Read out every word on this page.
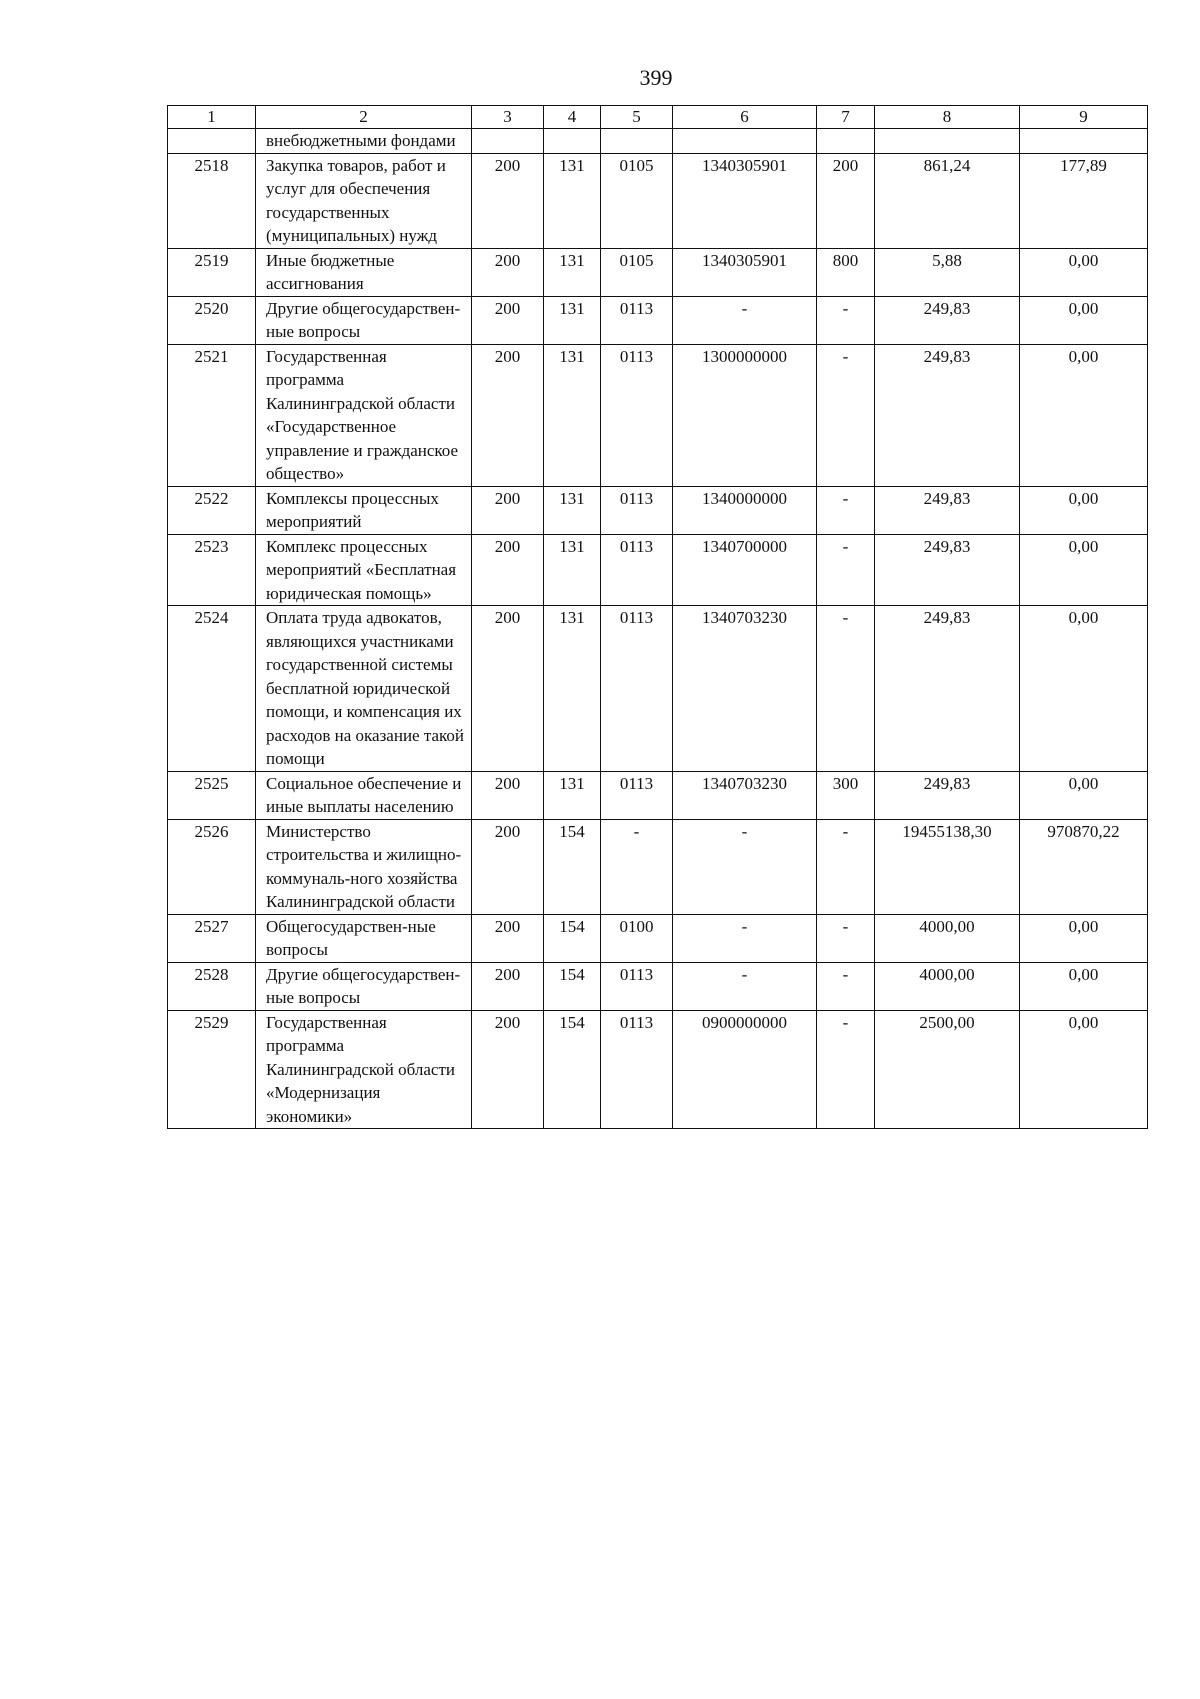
399
1	2	3	4	5	6	7	8	9
	внебюджетными фондами							
2518	Закупка товаров, работ и услуг для обеспечения государственных (муниципальных) нужд	200	131	0105	1340305901	200	861,24	177,89
2519	Иные бюджетные ассигнования	200	131	0105	1340305901	800	5,88	0,00
2520	Другие общегосударствен-ные вопросы	200	131	0113	-	-	249,83	0,00
2521	Государственная программа Калининградской области «Государственное управление и гражданское общество»	200	131	0113	1300000000	-	249,83	0,00
2522	Комплексы процессных мероприятий	200	131	0113	1340000000	-	249,83	0,00
2523	Комплекс процессных мероприятий «Бесплатная юридическая помощь»	200	131	0113	1340700000	-	249,83	0,00
2524	Оплата труда адвокатов, являющихся участниками государственной системы бесплатной юридической помощи, и компенсация их расходов на оказание такой помощи	200	131	0113	1340703230	-	249,83	0,00
2525	Социальное обеспечение и иные выплаты населению	200	131	0113	1340703230	300	249,83	0,00
2526	Министерство строительства и жилищно-коммуналь-ного хозяйства Калининградской области	200	154	-	-	-	19455138,30	970870,22
2527	Общегосударствен-ные вопросы	200	154	0100	-	-	4000,00	0,00
2528	Другие общегосударствен-ные вопросы	200	154	0113	-	-	4000,00	0,00
2529	Государственная программа Калининградской области «Модернизация экономики»	200	154	0113	0900000000	-	2500,00	0,00
